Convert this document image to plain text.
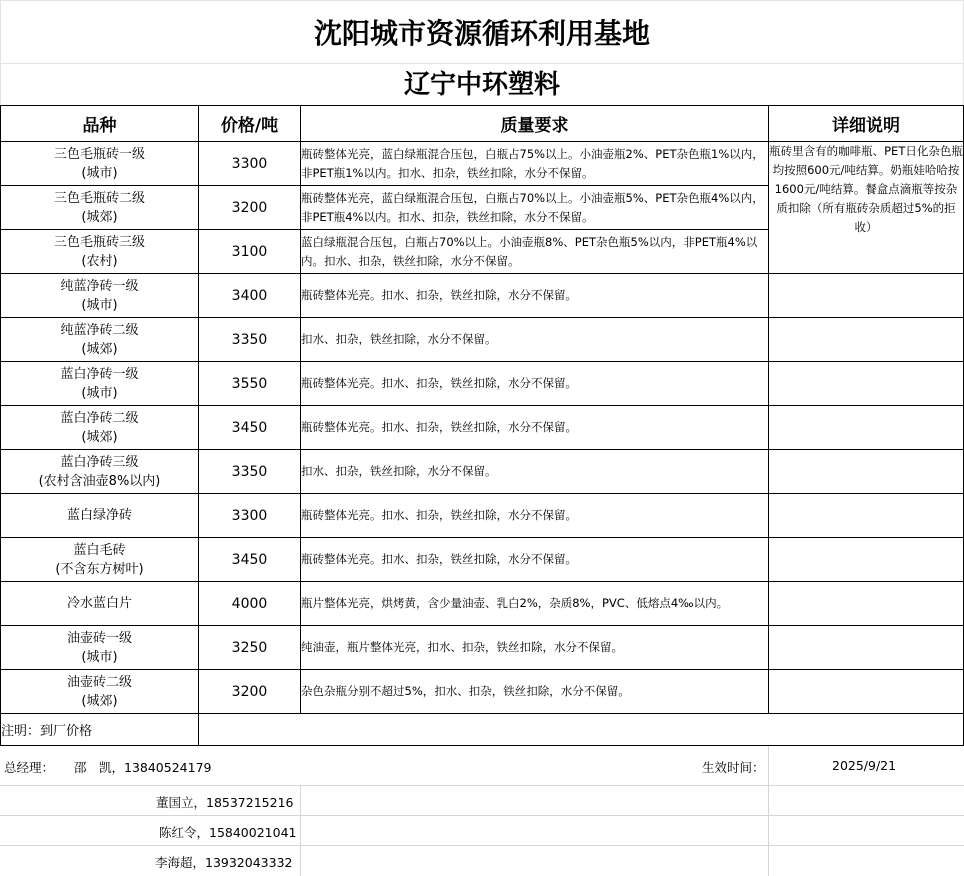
沈阳城市资源循环利用基地
辽宁中环塑料
品种	价格/吨	质量要求	详细说明

三色毛瓶砖一级
(城市)	3300	瓶砖整体光亮，蓝白绿瓶混合压包，白瓶占75%以上。小油壶瓶2%、PET杂色瓶1%以内，非PET瓶1%以内。扣水、扣杂，铁丝扣除，水分不保留。	瓶砖里含有的咖啡瓶、PET日化杂色瓶均按照600元/吨结算。奶瓶娃哈哈按1600元/吨结算。餐盒点滴瓶等按杂质扣除（所有瓶砖杂质超过5%的拒收）

三色毛瓶砖二级
(城郊)	3200	瓶砖整体光亮，蓝白绿瓶混合压包，白瓶占70%以上。小油壶瓶5%、PET杂色瓶4%以内，非PET瓶4%以内。扣水、扣杂，铁丝扣除，水分不保留。	

三色毛瓶砖三级
(农村)	3100	蓝白绿瓶混合压包，白瓶占70%以上。小油壶瓶8%、PET杂色瓶5%以内，非PET瓶4%以内。扣水、扣杂，铁丝扣除，水分不保留。	

纯蓝净砖一级
(城市)	3400	瓶砖整体光亮。扣水、扣杂，铁丝扣除，水分不保留。	

纯蓝净砖二级
(城郊)	3350	扣水、扣杂，铁丝扣除，水分不保留。	

蓝白净砖一级
(城市)	3550	瓶砖整体光亮。扣水、扣杂，铁丝扣除，水分不保留。	

蓝白净砖二级
(城郊)	3450	瓶砖整体光亮。扣水、扣杂，铁丝扣除，水分不保留。	

蓝白净砖三级
(农村含油壶8%以内)	3350	扣水、扣杂，铁丝扣除，水分不保留。	

蓝白绿净砖	3300	瓶砖整体光亮。扣水、扣杂，铁丝扣除，水分不保留。	

蓝白毛砖
(不含东方树叶)	3450	瓶砖整体光亮。扣水、扣杂，铁丝扣除，水分不保留。	

冷水蓝白片	4000	瓶片整体光亮，烘烤黄，含少量油壶、乳白2%，杂质8%，PVC、低熔点4‰以内。	

油壶砖一级
(城市)	3250	纯油壶，瓶片整体光亮，扣水、扣杂，铁丝扣除，水分不保留。	

油壶砖二级
(城郊)	3200	杂色杂瓶分别不超过5%，扣水、扣杂，铁丝扣除，水分不保留。	
注明：到厂价格			
总经理： 邵　凯，13840524179	生效时间：	2025/9/21
董国立，18537215216
陈红令，15840021041
李海超，13932043332
